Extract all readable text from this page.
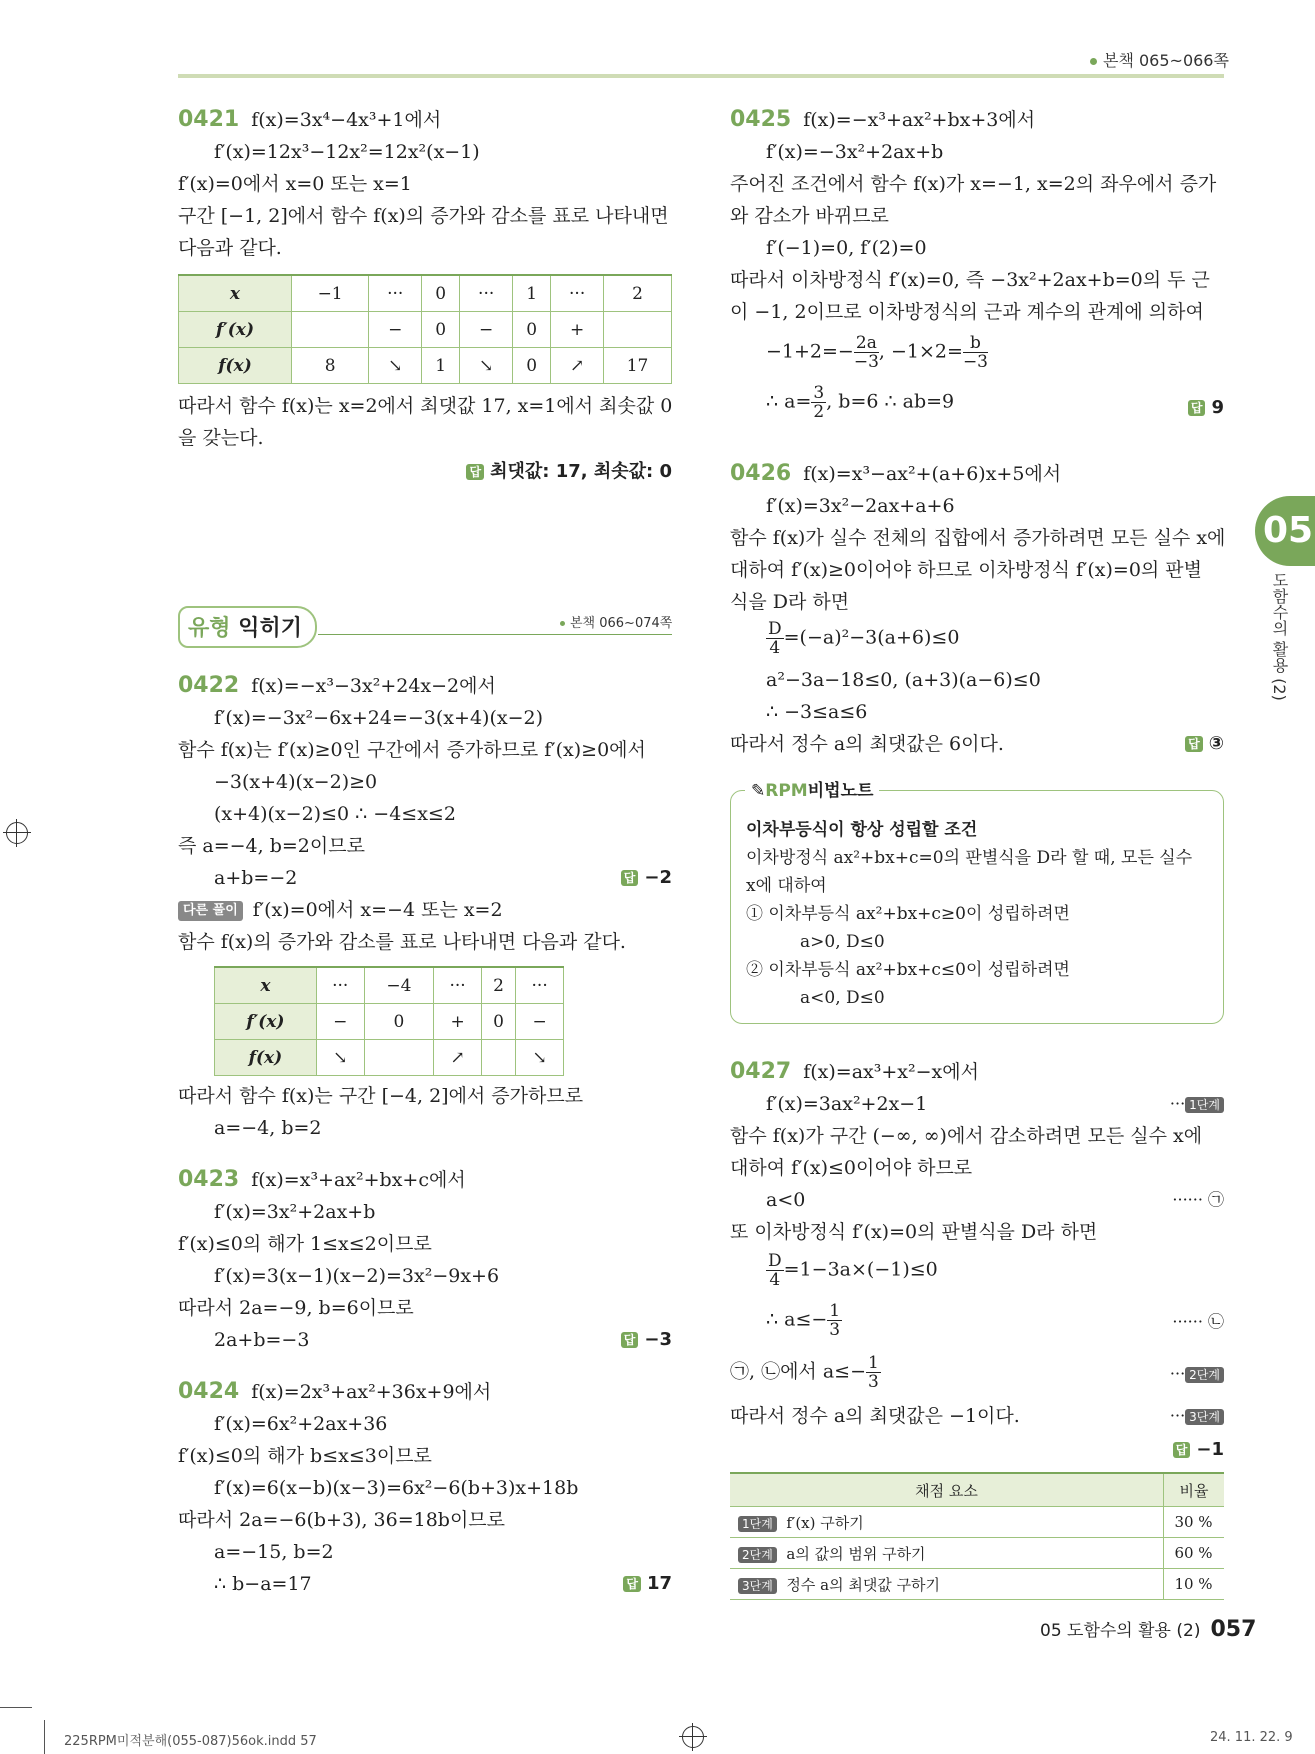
본책 065~066쪽
05
도함수의 활용 (2)
0421 f(x)=3x⁴−4x³+1에서
f′(x)=12x³−12x²=12x²(x−1)
f′(x)=0에서 x=0 또는 x=1
구간 [−1, 2]에서 함수 f(x)의 증가와 감소를 표로 나타내면
다음과 같다.
x	−1	···	0	···	1	···	2
f′(x)		−	0	−	0	+	
f(x)	8	↘	1	↘	0	↗	17
따라서 함수 f(x)는 x=2에서 최댓값 17, x=1에서 최솟값 0
을 갖는다.
답 최댓값: 17, 최솟값: 0
유형 익히기	본책 066~074쪽
0422 f(x)=−x³−3x²+24x−2에서
f′(x)=−3x²−6x+24=−3(x+4)(x−2)
함수 f(x)는 f′(x)≥0인 구간에서 증가하므로 f′(x)≥0에서
−3(x+4)(x−2)≥0
(x+4)(x−2)≤0 ∴ −4≤x≤2
즉 a=−4, b=2이므로
a+b=−2	답 −2
다른 풀이 f′(x)=0에서 x=−4 또는 x=2
함수 f(x)의 증가와 감소를 표로 나타내면 다음과 같다.
x	···	−4	···	2	···
f′(x)	−	0	+	0	−
f(x)	↘		↗		↘
따라서 함수 f(x)는 구간 [−4, 2]에서 증가하므로
a=−4, b=2
0423 f(x)=x³+ax²+bx+c에서
f′(x)=3x²+2ax+b
f′(x)≤0의 해가 1≤x≤2이므로
f′(x)=3(x−1)(x−2)=3x²−9x+6
따라서 2a=−9, b=6이므로
2a+b=−3	답 −3
0424 f(x)=2x³+ax²+36x+9에서
f′(x)=6x²+2ax+36
f′(x)≤0의 해가 b≤x≤3이므로
f′(x)=6(x−b)(x−3)=6x²−6(b+3)x+18b
따라서 2a=−6(b+3), 36=18b이므로
a=−15, b=2
∴ b−a=17	답 17
0425 f(x)=−x³+ax²+bx+3에서
f′(x)=−3x²+2ax+b
주어진 조건에서 함수 f(x)가 x=−1, x=2의 좌우에서 증가
와 감소가 바뀌므로
f′(−1)=0, f′(2)=0
따라서 이차방정식 f′(x)=0, 즉 −3x²+2ax+b=0의 두 근
이 −1, 2이므로 이차방정식의 근과 계수의 관계에 의하여
$-1+2=- \frac{2a}{-3}$ , $-1\times 2= \frac{b}{-3}$
∴ $a= \frac{3}{2}$ , b=6 ∴ ab=9	답 9
0426 f(x)=x³−ax²+(a+6)x+5에서
f′(x)=3x²−2ax+a+6
함수 f(x)가 실수 전체의 집합에서 증가하려면 모든 실수 x에
대하여 f′(x)≥0이어야 하므로 이차방정식 f′(x)=0의 판별
식을 D라 하면
$\frac{D}{4} =(-a)^2-3(a+6)\le 0$
a²−3a−18≤0, (a+3)(a−6)≤0
∴ −3≤a≤6
따라서 정수 a의 최댓값은 6이다.	답 ③
✎RPM비법노트
이차부등식이 항상 성립할 조건
이차방정식 ax²+bx+c=0의 판별식을 D라 할 때, 모든 실수
x에 대하여
① 이차부등식 ax²+bx+c≥0이 성립하려면
a>0, D≤0
② 이차부등식 ax²+bx+c≤0이 성립하려면
a<0, D≤0
0427 f(x)=ax³+x²−x에서
f′(x)=3ax²+2x−1	··· 1단계
함수 f(x)가 구간 (−∞, ∞)에서 감소하려면 모든 실수 x에
대하여 f′(x)≤0이어야 하므로
a<0	······ ㉠
또 이차방정식 f′(x)=0의 판별식을 D라 하면
$\frac{D}{4} =1-3a\times(-1)\le 0$
∴ $a\le- \frac{1}{3}$	······ ㉡
㉠, ㉡에서 $a\le- \frac{1}{3}$	··· 2단계
따라서 정수 a의 최댓값은 −1이다.	··· 3단계
답 −1
채점 요소	비율
1단계 f′(x) 구하기	30 %
2단계 a의 값의 범위 구하기	60 %
3단계 정수 a의 최댓값 구하기	10 %
05 도함수의 활용 (2) 057
225RPM미적분해(055-087)56ok.indd 57	24. 11. 22. 9
